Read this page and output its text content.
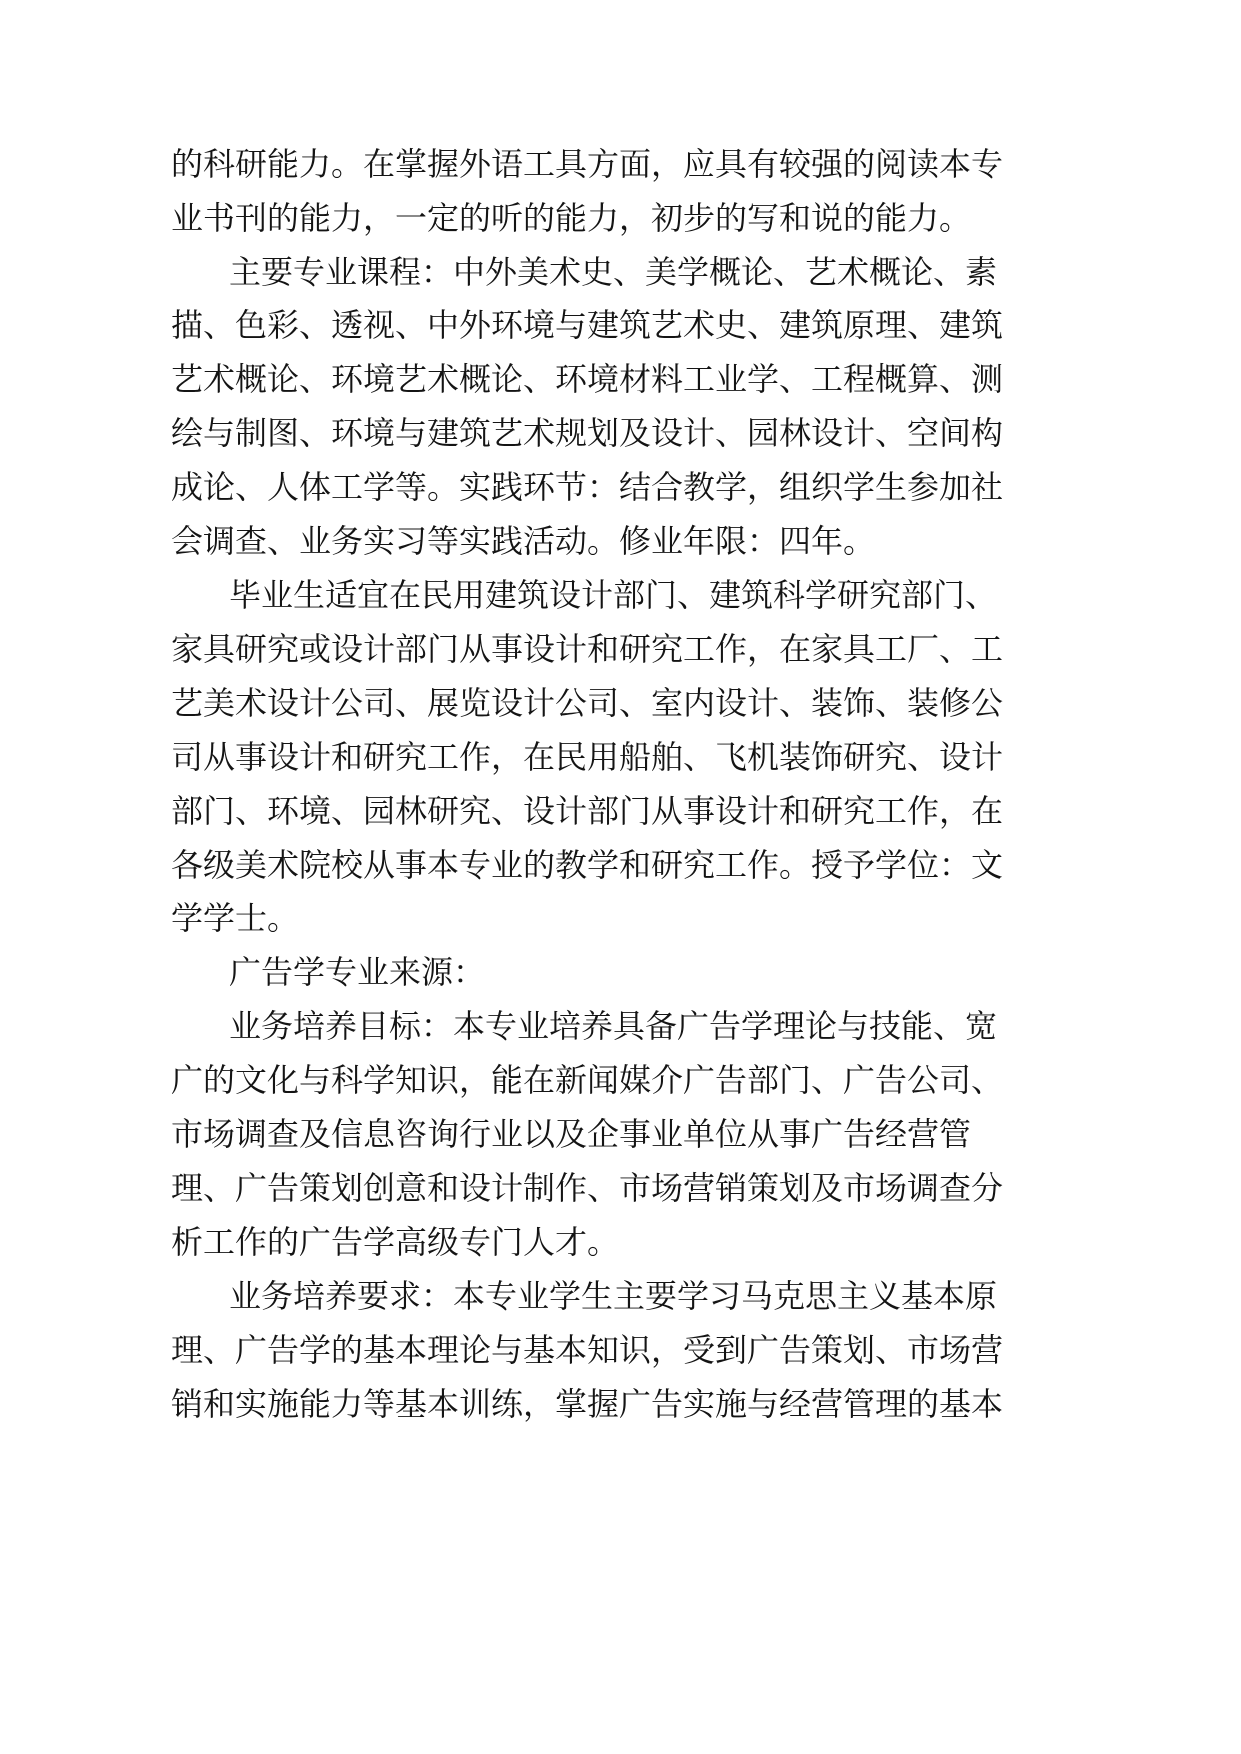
的科研能力。在掌握外语工具方面，应具有较强的阅读本专
业书刊的能力，一定的听的能力，初步的写和说的能力。
主要专业课程：中外美术史、美学概论、艺术概论、素
描、色彩、透视、中外环境与建筑艺术史、建筑原理、建筑
艺术概论、环境艺术概论、环境材料工业学、工程概算、测
绘与制图、环境与建筑艺术规划及设计、园林设计、空间构
成论、人体工学等。实践环节：结合教学，组织学生参加社
会调查、业务实习等实践活动。修业年限：四年。
毕业生适宜在民用建筑设计部门、建筑科学研究部门、
家具研究或设计部门从事设计和研究工作，在家具工厂、工
艺美术设计公司、展览设计公司、室内设计、装饰、装修公
司从事设计和研究工作，在民用船舶、飞机装饰研究、设计
部门、环境、园林研究、设计部门从事设计和研究工作，在
各级美术院校从事本专业的教学和研究工作。授予学位：文
学学士。
广告学专业来源：
业务培养目标：本专业培养具备广告学理论与技能、宽
广的文化与科学知识，能在新闻媒介广告部门、广告公司、
市场调查及信息咨询行业以及企事业单位从事广告经营管
理、广告策划创意和设计制作、市场营销策划及市场调查分
析工作的广告学高级专门人才。
业务培养要求：本专业学生主要学习马克思主义基本原
理、广告学的基本理论与基本知识，受到广告策划、市场营
销和实施能力等基本训练，掌握广告实施与经营管理的基本
